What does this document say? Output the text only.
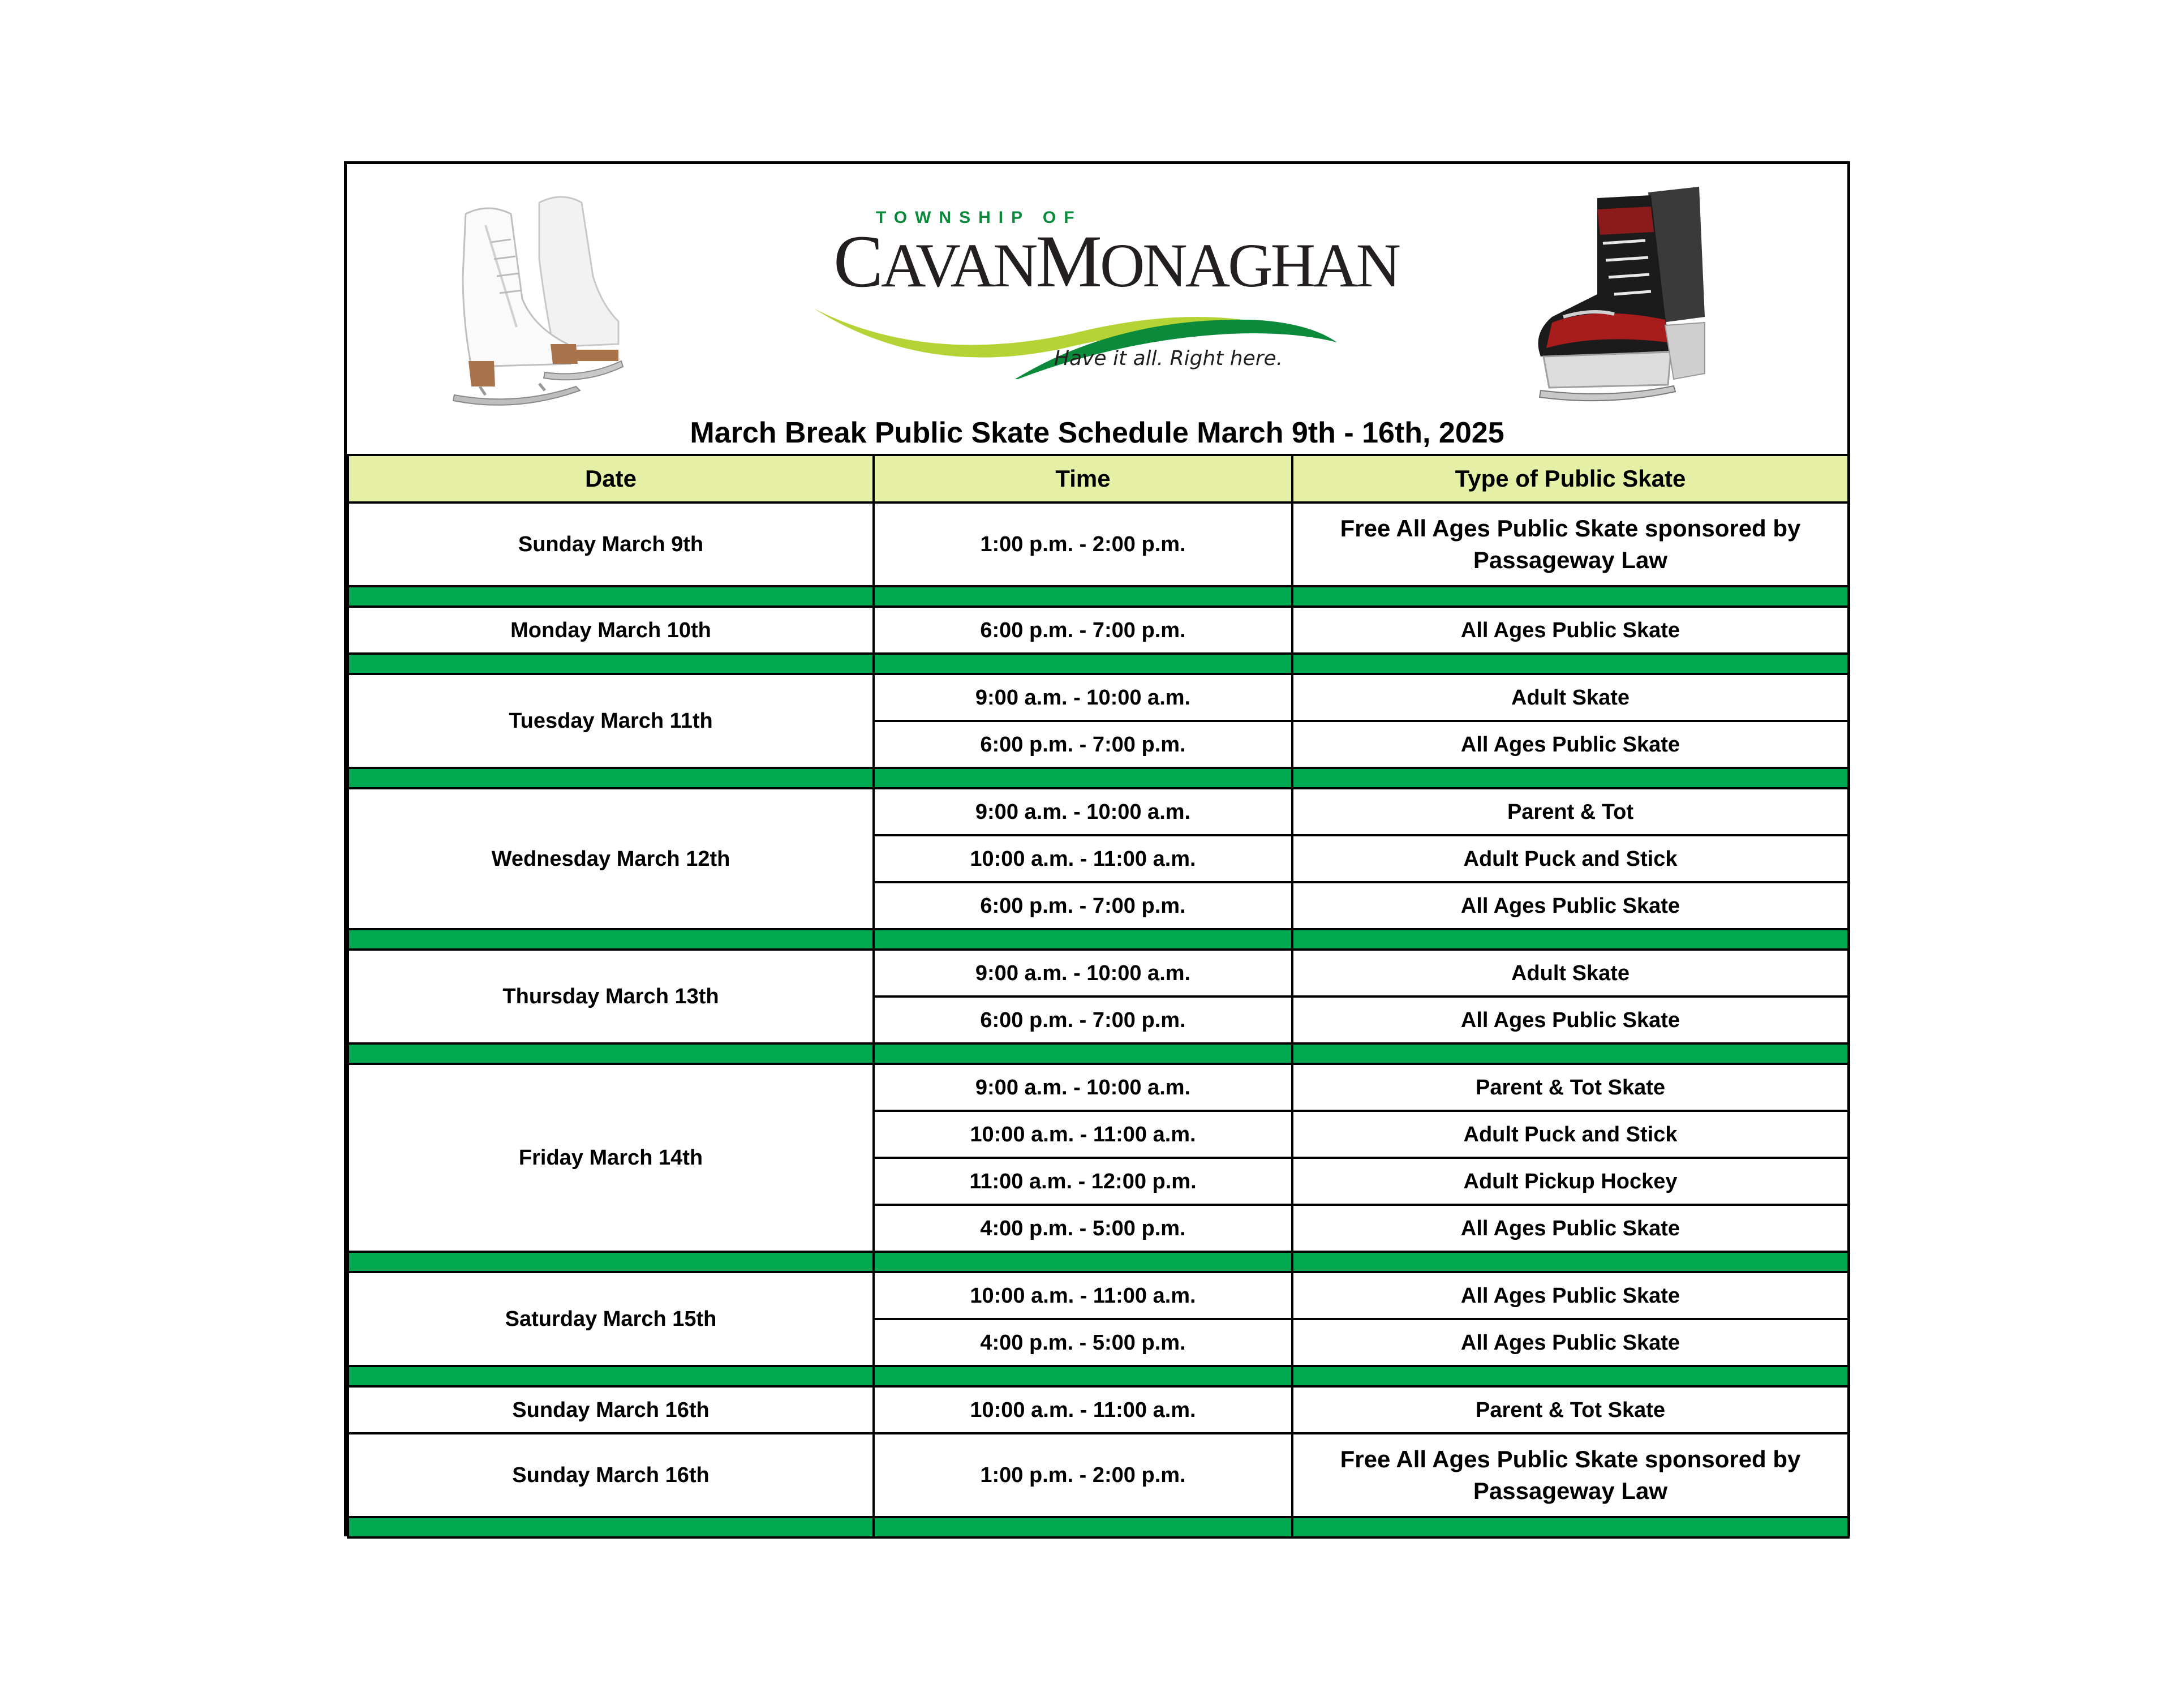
TOWNSHIP OF
CAVANMONAGHAN
Have it all. Right here.
March Break Public Skate Schedule March 9th - 16th, 2025
Date	Time	Type of Public Skate
Sunday March 9th	1:00 p.m. - 2:00 p.m.	Free All Ages Public Skate sponsored by Passageway Law

Monday March 10th	6:00 p.m. - 7:00 p.m.	All Ages Public Skate

Tuesday March 11th	9:00 a.m. - 10:00 a.m.	Adult Skate
	6:00 p.m. - 7:00 p.m.	All Ages Public Skate

Wednesday March 12th	9:00 a.m. - 10:00 a.m.	Parent & Tot
	10:00 a.m. - 11:00 a.m.	Adult Puck and Stick
	6:00 p.m. - 7:00 p.m.	All Ages Public Skate

Thursday March 13th	9:00 a.m. - 10:00 a.m.	Adult Skate
	6:00 p.m. - 7:00 p.m.	All Ages Public Skate

Friday March 14th	9:00 a.m. - 10:00 a.m.	Parent & Tot Skate
	10:00 a.m. - 11:00 a.m.	Adult Puck and Stick
	11:00 a.m. - 12:00 p.m.	Adult Pickup Hockey
	4:00 p.m. - 5:00 p.m.	All Ages Public Skate

Saturday March 15th	10:00 a.m. - 11:00 a.m.	All Ages Public Skate
	4:00 p.m. - 5:00 p.m.	All Ages Public Skate

Sunday March 16th	10:00 a.m. - 11:00 a.m.	Parent & Tot Skate
Sunday March 16th	1:00 p.m. - 2:00 p.m.	Free All Ages Public Skate sponsored by Passageway Law
